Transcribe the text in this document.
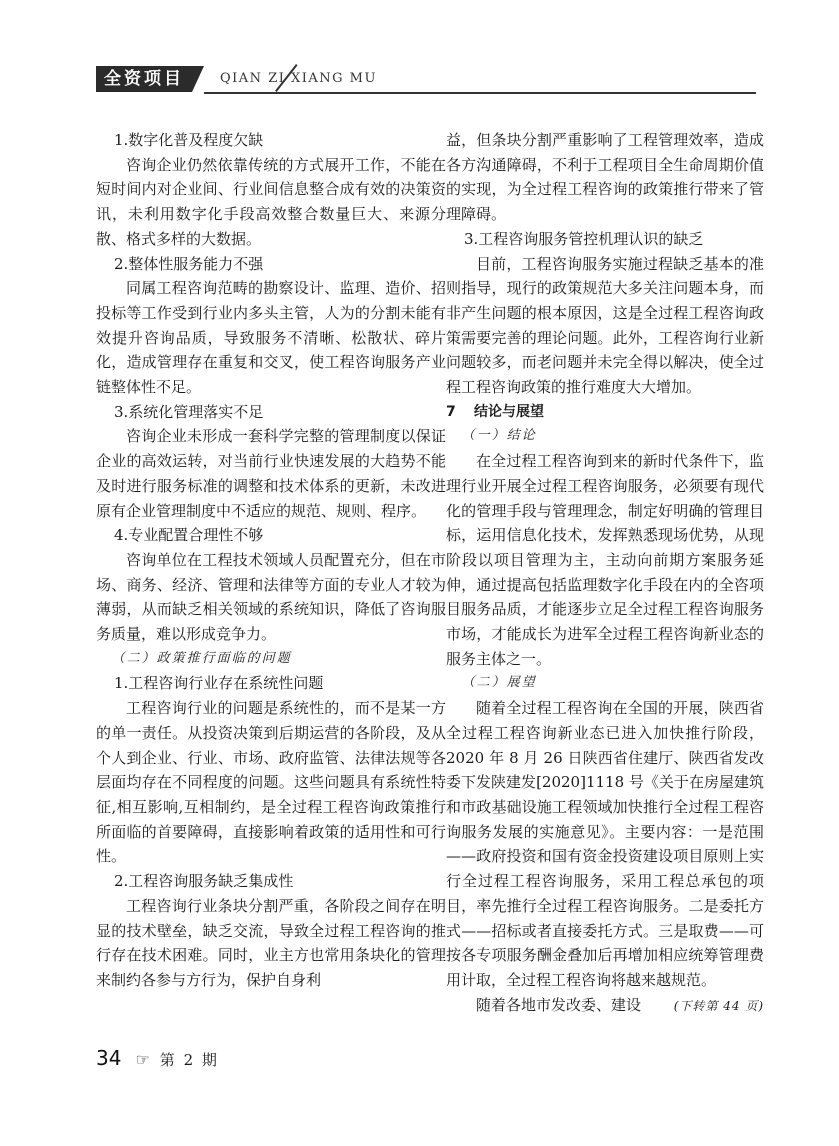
全资项目	QIAN ZI XIANG MU

1.数字化普及程度欠缺

咨询企业仍然依靠传统的方式展开工作，不能在短时间内对企业间、行业间信息整合成有效的决策资讯，未利用数字化手段高效整合数量巨大、来源分散、格式多样的大数据。

2.整体性服务能力不强

同属工程咨询范畴的勘察设计、监理、造价、招投标等工作受到行业内多头主管，人为的分割未能有效提升咨询品质，导致服务不清晰、松散状、碎片化，造成管理存在重复和交叉，使工程咨询服务产业链整体性不足。

3.系统化管理落实不足

咨询企业未形成一套科学完整的管理制度以保证企业的高效运转，对当前行业快速发展的大趋势不能及时进行服务标准的调整和技术体系的更新，未改进原有企业管理制度中不适应的规范、规则、程序。

4.专业配置合理性不够

咨询单位在工程技术领域人员配置充分，但在市场、商务、经济、管理和法律等方面的专业人才较为薄弱，从而缺乏相关领域的系统知识，降低了咨询服务质量，难以形成竞争力。

（二）政策推行面临的问题

1.工程咨询行业存在系统性问题

工程咨询行业的问题是系统性的，而不是某一方的单一责任。从投资决策到后期运营的各阶段，及从个人到企业、行业、市场、政府监管、法律法规等各层面均存在不同程度的问题。这些问题具有系统性特征,相互影响,互相制约，是全过程工程咨询政策推行所面临的首要障碍，直接影响着政策的适用性和可行性。

2.工程咨询服务缺乏集成性

工程咨询行业条块分割严重，各阶段之间存在明显的技术壁垒，缺乏交流，导致全过程工程咨询的推行存在技术困难。同时，业主方也常用条块化的管理来制约各参与方行为，保护自身利

益，但条块分割严重影响了工程管理效率，造成各方沟通障碍，不利于工程项目全生命周期价值的实现，为全过程工程咨询的政策推行带来了管理障碍。

3.工程咨询服务管控机理认识的缺乏

目前，工程咨询服务实施过程缺乏基本的准则指导，现行的政策规范大多关注问题本身，而非产生问题的根本原因，这是全过程工程咨询政策需要完善的理论问题。此外，工程咨询行业新问题较多，而老问题并未完全得以解决，使全过程工程咨询政策的推行难度大大增加。

7 结论与展望

（一）结论

在全过程工程咨询到来的新时代条件下，监理行业开展全过程工程咨询服务，必须要有现代化的管理手段与管理理念，制定好明确的管理目标，运用信息化技术，发挥熟悉现场优势，从现阶段以项目管理为主，主动向前期方案服务延伸，通过提高包括监理数字化手段在内的全咨项目服务品质，才能逐步立足全过程工程咨询服务市场，才能成长为进军全过程工程咨询新业态的服务主体之一。

（二）展望

随着全过程工程咨询在全国的开展，陕西省全过程工程咨询新业态已进入加快推行阶段，2020 年 8 月 26 日陕西省住建厅、陕西省发改委下发陕建发[2020]1118 号《关于在房屋建筑和市政基础设施工程领域加快推行全过程工程咨询服务发展的实施意见》。主要内容：一是范围——政府投资和国有资金投资建设项目原则上实行全过程工程咨询服务，采用工程总承包的项目，率先推行全过程工程咨询服务。二是委托方式——招标或者直接委托方式。三是取费——可按各专项服务酬金叠加后再增加相应统筹管理费用计取，全过程工程咨询将越来越规范。

随着各地市发改委、建设	(下转第 44 页)

34 ☞ 第 2 期
